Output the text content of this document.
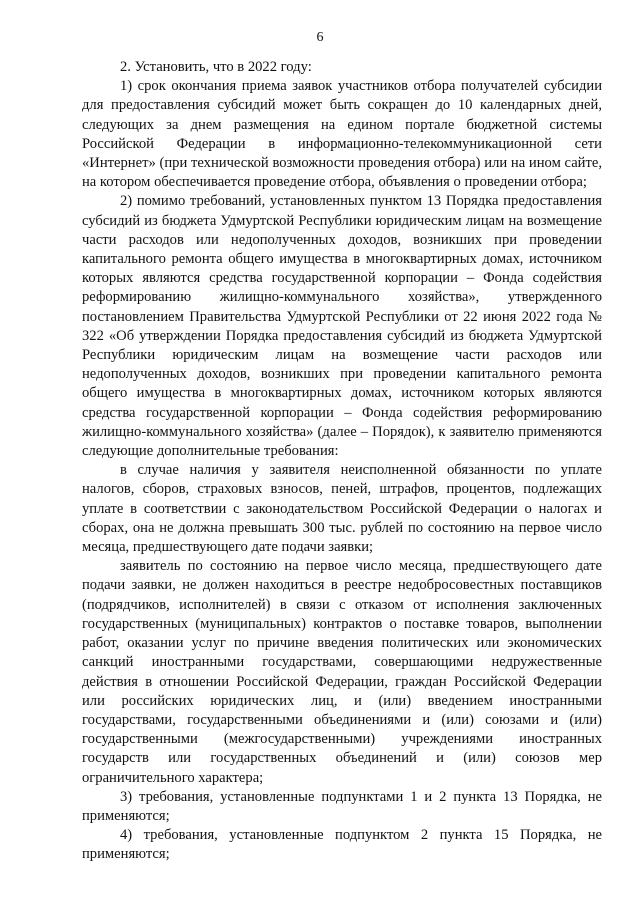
6

2. Установить, что в 2022 году:

1) срок окончания приема заявок участников отбора получателей субсидии для предоставления субсидий может быть сокращен до 10 календарных дней, следующих за днем размещения на едином портале бюджетной системы Российской Федерации в информационно-телекоммуникационной сети «Интернет» (при технической возможности проведения отбора) или на ином сайте, на котором обеспечивается проведение отбора, объявления о проведении отбора;

2) помимо требований, установленных пунктом 13 Порядка предоставления субсидий из бюджета Удмуртской Республики юридическим лицам на возмещение части расходов или недополученных доходов, возникших при проведении капитального ремонта общего имущества в многоквартирных домах, источником которых являются средства государственной корпорации – Фонда содействия реформированию жилищно-коммунального хозяйства», утвержденного постановлением Правительства Удмуртской Республики от 22 июня 2022 года № 322 «Об утверждении Порядка предоставления субсидий из бюджета Удмуртской Республики юридическим лицам на возмещение части расходов или недополученных доходов, возникших при проведении капитального ремонта общего имущества в многоквартирных домах, источником которых являются средства государственной корпорации – Фонда содействия реформированию жилищно-коммунального хозяйства» (далее – Порядок), к заявителю применяются следующие дополнительные требования:

в случае наличия у заявителя неисполненной обязанности по уплате налогов, сборов, страховых взносов, пеней, штрафов, процентов, подлежащих уплате в соответствии с законодательством Российской Федерации о налогах и сборах, она не должна превышать 300 тыс. рублей по состоянию на первое число месяца, предшествующего дате подачи заявки;

заявитель по состоянию на первое число месяца, предшествующего дате подачи заявки, не должен находиться в реестре недобросовестных поставщиков (подрядчиков, исполнителей) в связи с отказом от исполнения заключенных государственных (муниципальных) контрактов о поставке товаров, выполнении работ, оказании услуг по причине введения политических или экономических санкций иностранными государствами, совершающими недружественные действия в отношении Российской Федерации, граждан Российской Федерации или российских юридических лиц, и (или) введением иностранными государствами, государственными объединениями и (или) союзами и (или) государственными (межгосударственными) учреждениями иностранных государств или государственных объединений и (или) союзов мер ограничительного характера;

3) требования, установленные подпунктами 1 и 2 пункта 13 Порядка, не применяются;

4) требования, установленные подпунктом 2 пункта 15 Порядка, не применяются;
